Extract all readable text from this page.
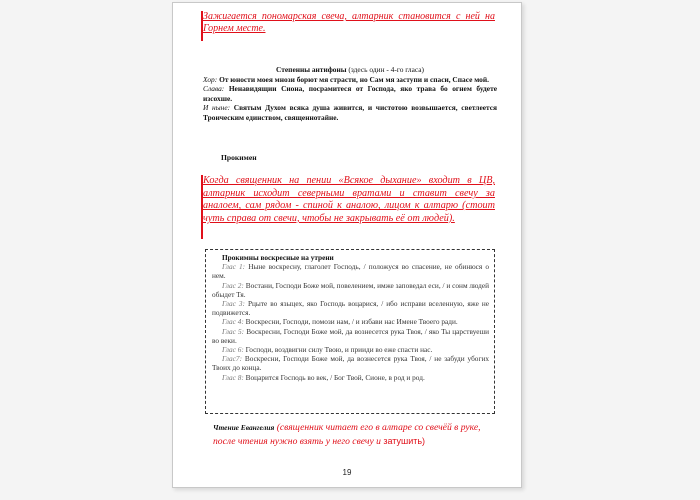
Зажигается пономарская свеча, алтарник становится с ней на Горнем месте.
Степенны антифоны (здесь один - 4-го гласа)
Хор: От юности моея мнози борют мя страсти, но Сам мя заступи и спаси, Спасе мой.
Слава: Ненавидящии Сиона, посрамитеся от Господа, яко трава бо огнем будете изсохше.
И ныне: Святым Духом всяка душа живится, и чистотою возвышается, светлеется Троическим единством, священнотайне.
Прокимен
Когда священник на пении «Всякое дыхание» входит в ЦВ, алтарник исходит северными вратами и ставит свечу за аналоем, сам рядом - спиной к аналою, лицом к алтарю (стоит чуть справа от свечи, чтобы не закрывать её от людей).
Прокимны воскресные на утрени
Глас 1: Ныне воскресну, глаголет Господь, / положуся во спасение, не обинюся о нем.
Глас 2: Востани, Господи Боже мой, повелением, имже заповедал еси, / и сонм людей обыдет Тя.
Глас 3: Рцыте во языцех, яко Господь воцарися, / ибо исправи вселенную, яже не подвижется.
Глас 4: Воскресни, Господи, помози нам, / и избави нас Имене Твоего ради.
Глас 5: Воскресни, Господи Боже мой, да вознесется рука Твоя, / яко Ты царствуеши во веки.
Глас 6: Господи, воздвигни силу Твою, и прииди во еже спасти нас.
Глас7: Воскресни, Господи Боже мой, да вознесется рука Твоя, / не забуди убогих Твоих до конца.
Глас 8: Воцарится Господь во век, / Бог Твой, Сионе, в род и род.
Чтение Евангелия (священник читает его в алтаре со свечёй в руке, после чтения нужно взять у него свечу и затушить)
19
